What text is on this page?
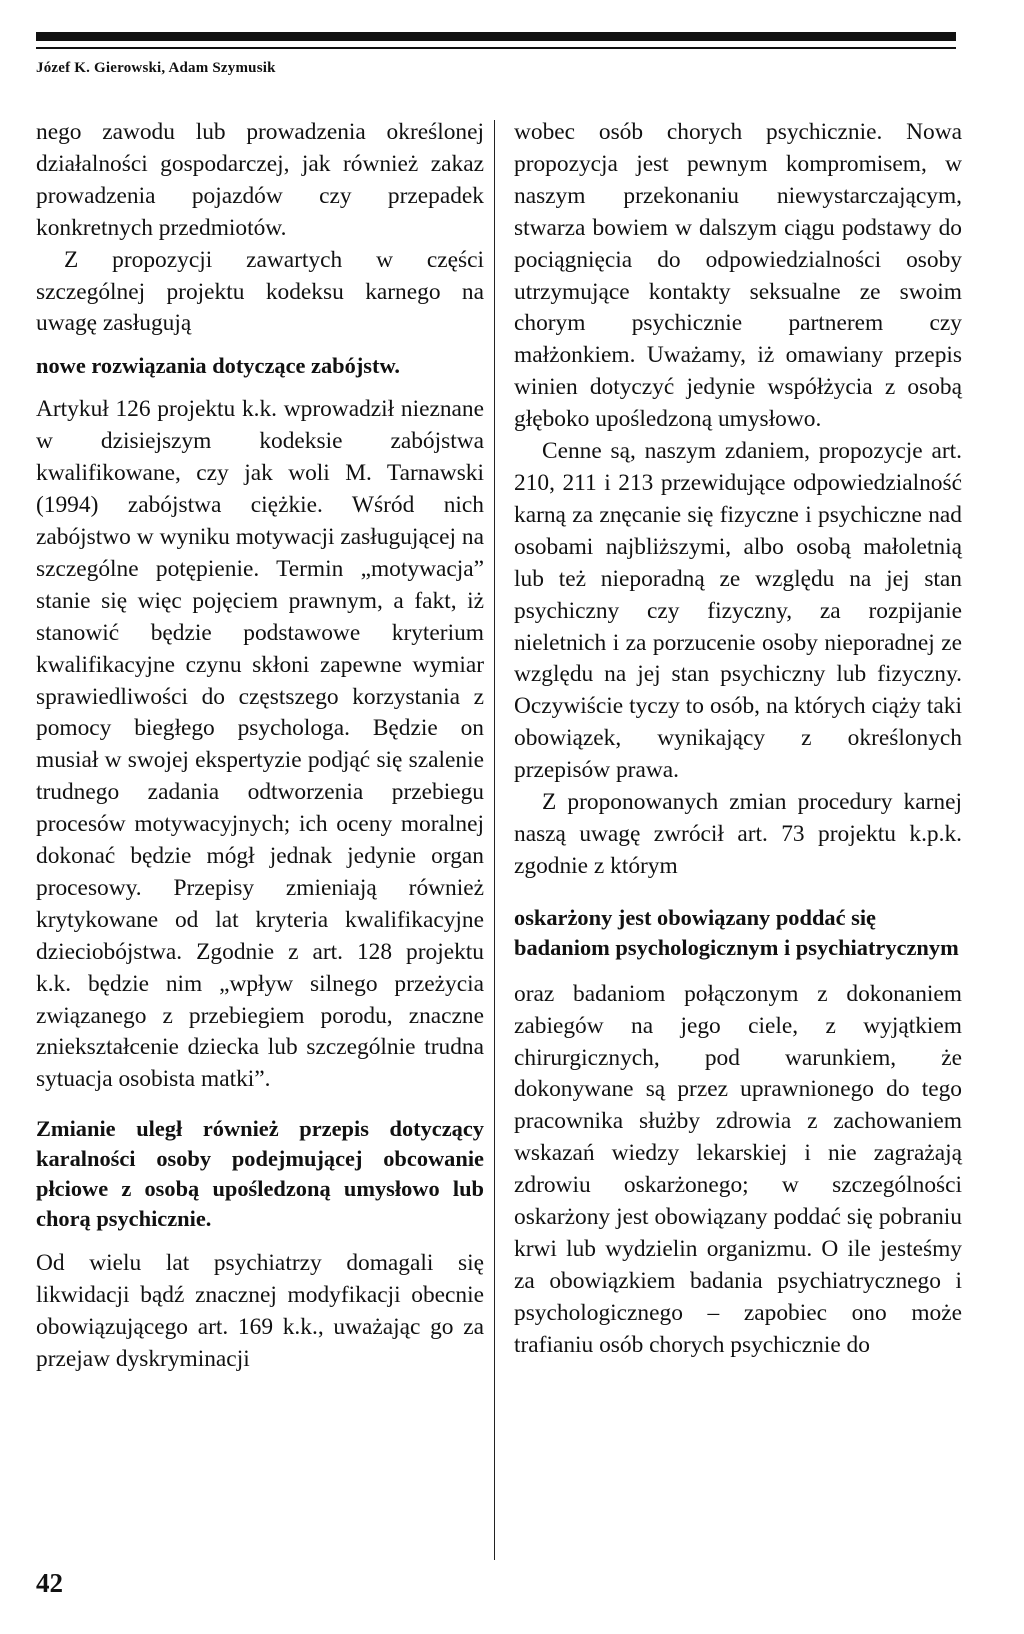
Józef K. Gierowski, Adam Szymusik

nego zawodu lub prowadzenia określonej działalności gospodarczej, jak również zakaz prowadzenia pojazdów czy przepadek konkretnych przedmiotów.

Z propozycji zawartych w części szczególnej projektu kodeksu karnego na uwagę zasługują

nowe rozwiązania dotyczące zabójstw.

Artykuł 126 projektu k.k. wprowadził nieznane w dzisiejszym kodeksie zabójstwa kwalifikowane, czy jak woli M. Tarnawski (1994) zabójstwa ciężkie. Wśród nich zabójstwo w wyniku motywacji zasługującej na szczególne potępienie. Termin „motywacja” stanie się więc pojęciem prawnym, a fakt, iż stanowić będzie podstawowe kryterium kwalifikacyjne czynu skłoni zapewne wymiar sprawiedliwości do częstszego korzystania z pomocy biegłego psychologa. Będzie on musiał w swojej ekspertyzie podjąć się szalenie trudnego zadania odtworzenia przebiegu procesów motywacyjnych; ich oceny moralnej dokonać będzie mógł jednak jedynie organ procesowy. Przepisy zmieniają również krytykowane od lat kryteria kwalifikacyjne dzieciobójstwa. Zgodnie z art. 128 projektu k.k. będzie nim „wpływ silnego przeżycia związanego z przebiegiem porodu, znaczne zniekształcenie dziecka lub szczególnie trudna sytuacja osobista matki”.

Zmianie uległ również przepis dotyczący karalności osoby podejmującej obcowanie płciowe z osobą upośledzoną umysłowo lub chorą psychicznie.

Od wielu lat psychiatrzy domagali się likwidacji bądź znacznej modyfikacji obecnie obowiązującego art. 169 k.k., uważając go za przejaw dyskryminacji

wobec osób chorych psychicznie. Nowa propozycja jest pewnym kompromisem, w naszym przekonaniu niewystarczającym, stwarza bowiem w dalszym ciągu podstawy do pociągnięcia do odpowiedzialności osoby utrzymujące kontakty seksualne ze swoim chorym psychicznie partnerem czy małżonkiem. Uważamy, iż omawiany przepis winien dotyczyć jedynie współżycia z osobą głęboko upośledzoną umysłowo.

Cenne są, naszym zdaniem, propozycje art. 210, 211 i 213 przewidujące odpowiedzialność karną za znęcanie się fizyczne i psychiczne nad osobami najbliższymi, albo osobą małoletnią lub też nieporadną ze względu na jej stan psychiczny czy fizyczny, za rozpijanie nieletnich i za porzucenie osoby nieporadnej ze względu na jej stan psychiczny lub fizyczny. Oczywiście tyczy to osób, na których ciąży taki obowiązek, wynikający z określonych przepisów prawa.

Z proponowanych zmian procedury karnej naszą uwagę zwrócił art. 73 projektu k.p.k. zgodnie z którym

oskarżony jest obowiązany poddać się badaniom psychologicznym i psychiatrycznym

oraz badaniom połączonym z dokonaniem zabiegów na jego ciele, z wyjątkiem chirurgicznych, pod warunkiem, że dokonywane są przez uprawnionego do tego pracownika służby zdrowia z zachowaniem wskazań wiedzy lekarskiej i nie zagrażają zdrowiu oskarżonego; w szczególności oskarżony jest obowiązany poddać się pobraniu krwi lub wydzielin organizmu. O ile jesteśmy za obowiązkiem badania psychiatrycznego i psychologicznego – zapobiec ono może trafianiu osób chorych psychicznie do

42
